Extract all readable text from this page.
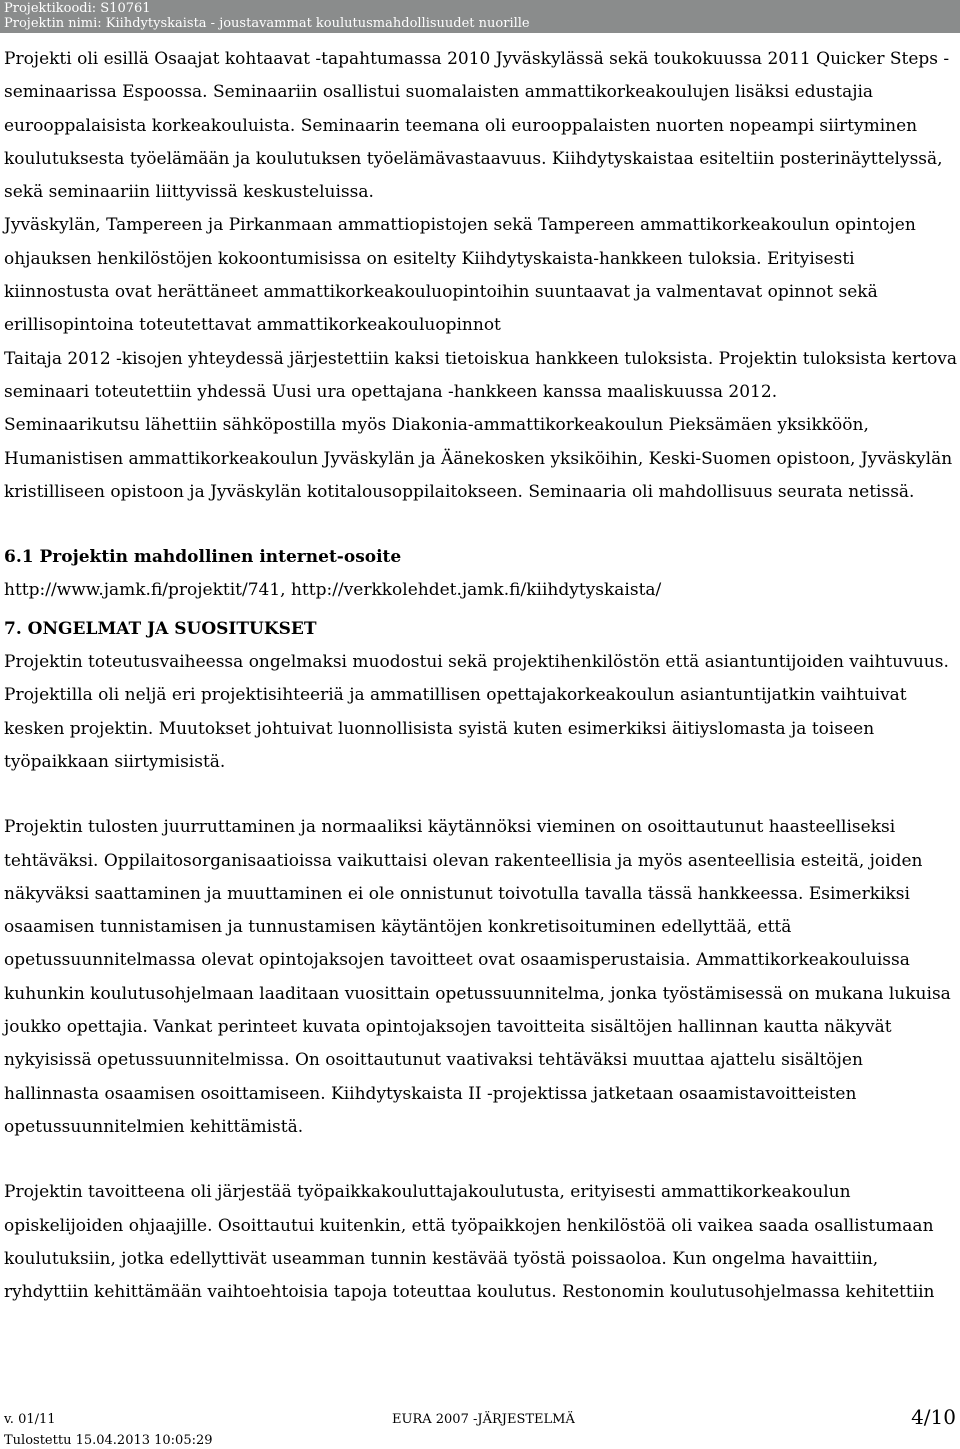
Projektikoodi: S10761
Projektin nimi: Kiihdytyskaista - joustavammat koulutusmahdollisuudet nuorille

Projekti oli esillä Osaajat kohtaavat -tapahtumassa 2010 Jyväskylässä sekä toukokuussa 2011 Quicker Steps -seminaarissa Espoossa. Seminaariin osallistui suomalaisten ammattikorkeakoulujen lisäksi edustajia eurooppalaisista korkeakouluista. Seminaarin teemana oli eurooppalaisten nuorten nopeampi siirtyminen koulutuksesta työelämään ja koulutuksen työelämävastaavuus. Kiihdytyskaistaa esiteltiin posterinäyttelyssä, sekä seminaariin liittyvissä keskusteluissa.

Jyväskylän, Tampereen ja Pirkanmaan ammattiopistojen sekä Tampereen ammattikorkeakoulun opintojen ohjauksen henkilöstöjen kokoontumisissa on esitelty Kiihdytyskaista-hankkeen tuloksia. Erityisesti kiinnostusta ovat herättäneet ammattikorkeakouluopintoihin suuntaavat ja valmentavat opinnot sekä erillisopintoina toteutettavat ammattikorkeakouluopinnot

Taitaja 2012 -kisojen yhteydessä järjestettiin kaksi tietoiskua hankkeen tuloksista. Projektin tuloksista kertova seminaari toteutettiin yhdessä Uusi ura opettajana -hankkeen kanssa maaliskuussa 2012.

Seminaarikutsu lähettiin sähköpostilla myös Diakonia-ammattikorkeakoulun Pieksämäen yksikköön, Humanistisen ammattikorkeakoulun Jyväskylän ja Äänekosken yksiköihin, Keski-Suomen opistoon, Jyväskylän kristilliseen opistoon ja Jyväskylän kotitalousoppilaitokseen. Seminaaria oli mahdollisuus seurata netissä.

6.1 Projektin mahdollinen internet-osoite

http://www.jamk.fi/projektit/741, http://verkkolehdet.jamk.fi/kiihdytyskaista/

7. ONGELMAT JA SUOSITUKSET

Projektin toteutusvaiheessa ongelmaksi muodostui sekä projektihenkilöstön että asiantuntijoiden vaihtuvuus. Projektilla oli neljä eri projektisihteeriä ja ammatillisen opettajakorkeakoulun asiantuntijatkin vaihtuivat kesken projektin. Muutokset johtuivat luonnollisista syistä kuten esimerkiksi äitiyslomasta ja toiseen työpaikkaan siirtymisistä.

Projektin tulosten juurruttaminen ja normaaliksi käytännöksi vieminen on osoittautunut haasteelliseksi tehtäväksi. Oppilaitosorganisaatioissa vaikuttaisi olevan rakenteellisia ja myös asenteellisia esteitä, joiden näkyväksi saattaminen ja muuttaminen ei ole onnistunut toivotulla tavalla tässä hankkeessa. Esimerkiksi osaamisen tunnistamisen ja tunnustamisen käytäntöjen konkretisoituminen edellyttää, että opetussuunnitelmassa olevat opintojaksojen tavoitteet ovat osaamisperustaisia. Ammattikorkeakouluissa kuhunkin koulutusohjelmaan laaditaan vuosittain opetussuunnitelma, jonka työstämisessä on mukana lukuisa joukko opettajia. Vankat perinteet kuvata opintojaksojen tavoitteita sisältöjen hallinnan kautta näkyvät nykyisissä opetussuunnitelmissa. On osoittautunut vaativaksi tehtäväksi muuttaa ajattelu sisältöjen hallinnasta osaamisen osoittamiseen. Kiihdytyskaista II -projektissa jatketaan osaamistavoitteisten opetussuunnitelmien kehittämistä.

Projektin tavoitteena oli järjestää työpaikkakouluttajakoulutusta, erityisesti ammattikorkeakoulun opiskelijoiden ohjaajille. Osoittautui kuitenkin, että työpaikkojen henkilöstöä oli vaikea saada osallistumaan koulutuksiin, jotka edellyttivät useamman tunnin kestävää työstä poissaoloa. Kun ongelma havaittiin, ryhdyttiin kehittämään vaihtoehtoisia tapoja toteuttaa koulutus. Restonomin koulutusohjelmassa kehitettiin

v. 01/11
Tulostettu 15.04.2013 10:05:29
EURA 2007 -JÄRJESTELMÄ	4/10
